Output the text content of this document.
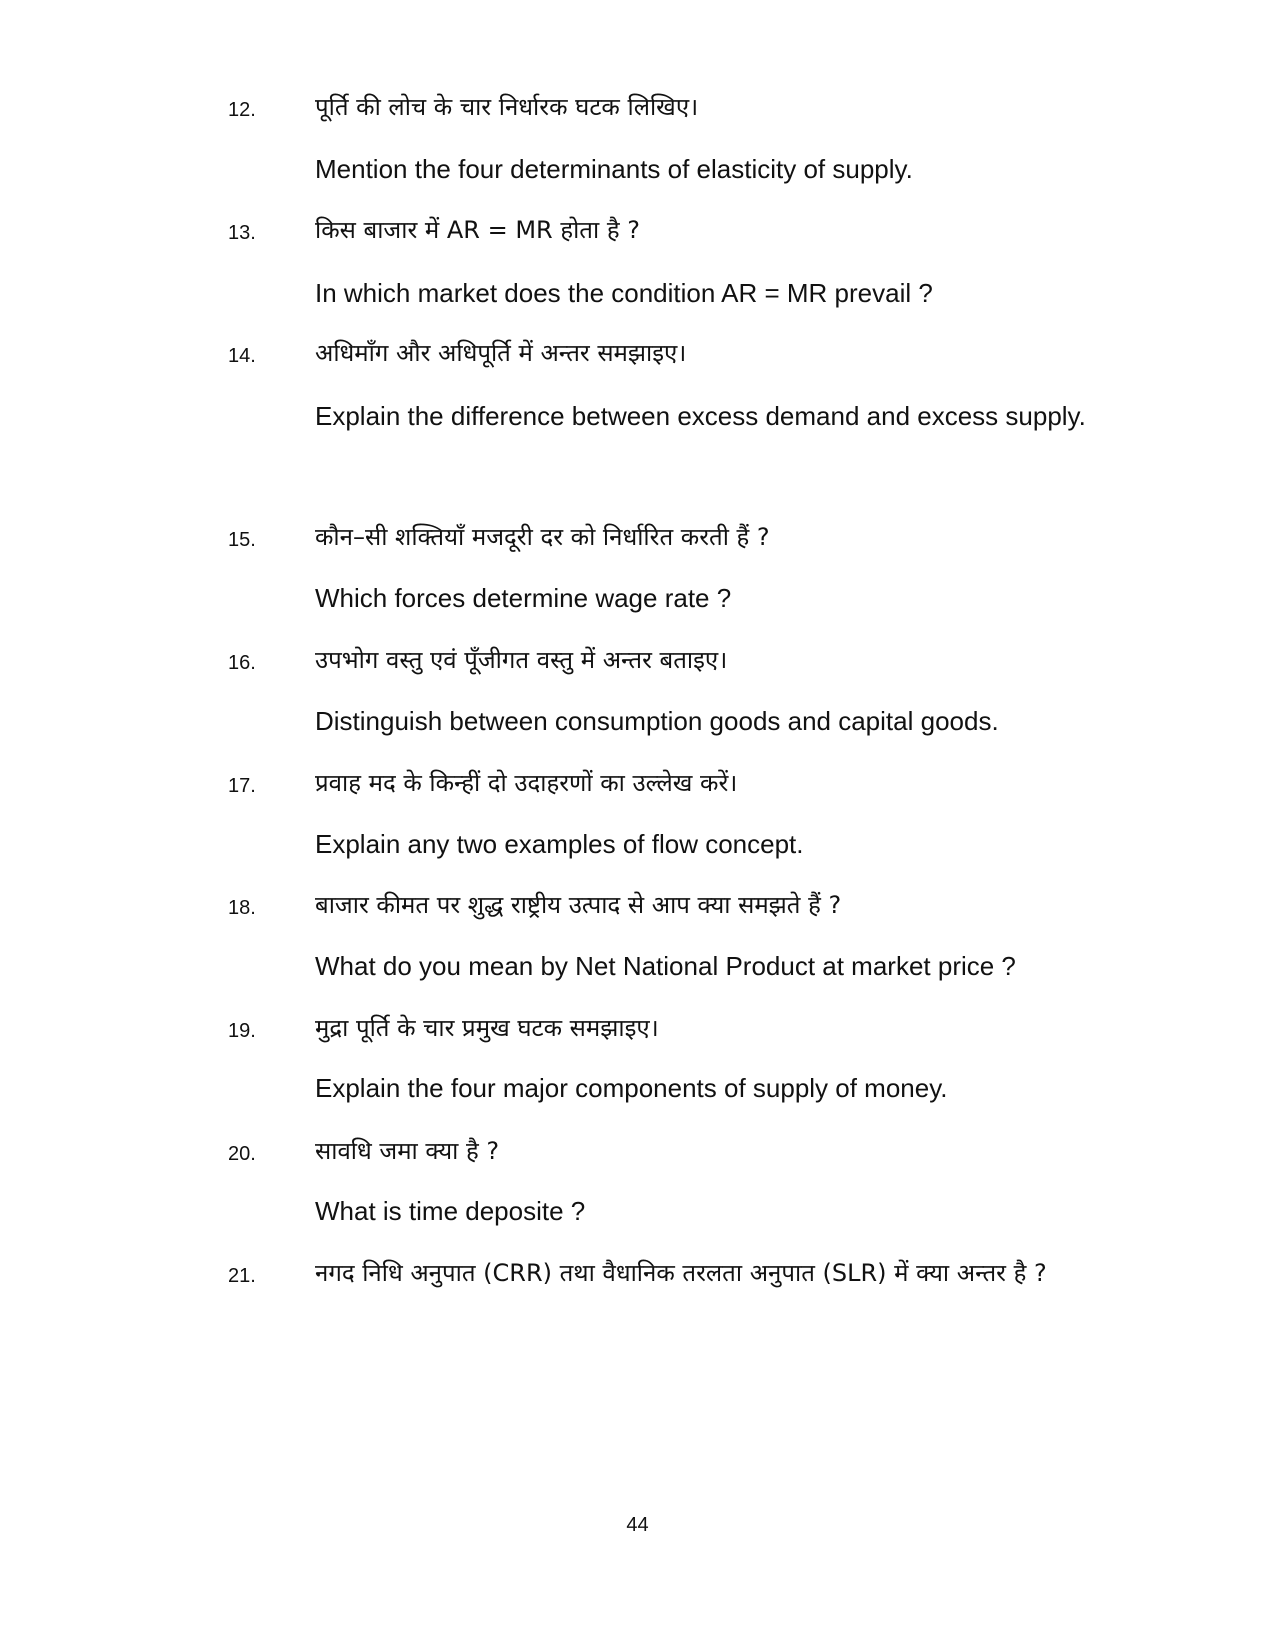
12. पूर्ति की लोच के चार निर्धारक घटक लिखिए।
Mention the four determinants of elasticity of supply.
13. किस बाजार में AR = MR होता है ?
In which market does the condition AR = MR prevail ?
14. अधिमाँग और अधिपूर्ति में अन्तर समझाइए।
Explain the difference between excess demand and excess supply.
15. कौन–सी शक्तियाँ मजदूरी दर को निर्धारित करती हैं ?
Which forces determine wage rate ?
16. उपभोग वस्तु एवं पूँजीगत वस्तु में अन्तर बताइए।
Distinguish between consumption goods and capital goods.
17. प्रवाह मद के किन्हीं दो उदाहरणों का उल्लेख करें।
Explain any two examples of flow concept.
18. बाजार कीमत पर शुद्ध राष्ट्रीय उत्पाद से आप क्या समझते हैं ?
What do you mean by Net National Product at market price ?
19. मुद्रा पूर्ति के चार प्रमुख घटक समझाइए।
Explain the four major components of supply of money.
20. सावधि जमा क्या है ?
What is time deposite ?
21. नगद निधि अनुपात (CRR) तथा वैधानिक तरलता अनुपात (SLR) में क्या अन्तर है ?
44
